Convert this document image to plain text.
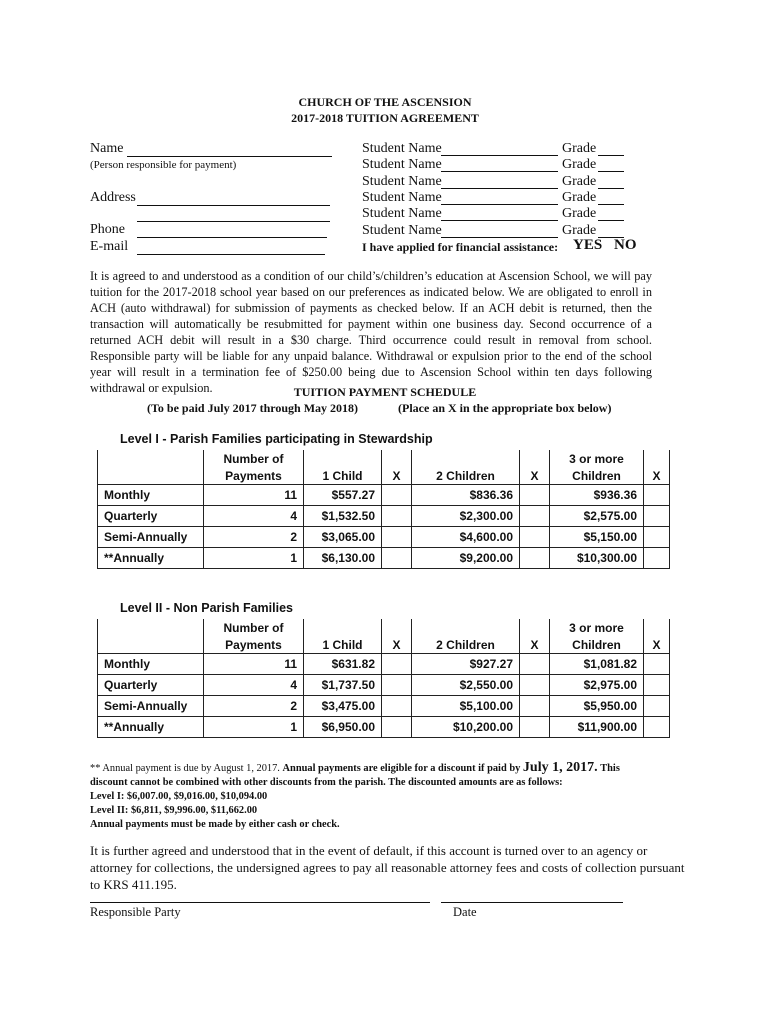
CHURCH OF THE ASCENSION
2017-2018 TUITION AGREEMENT
Name
(Person responsible for payment)
Address
Phone
E-mail
Student Name	Grade
Student Name	Grade
Student Name	Grade
Student Name	Grade
Student Name	Grade
Student Name	Grade
I have applied for financial assistance: YES NO
It is agreed to and understood as a condition of our child’s/children’s education at Ascension School, we will pay tuition for the 2017-2018 school year based on our preferences as indicated below. We are obligated to enroll in ACH (auto withdrawal) for submission of payments as checked below. If an ACH debit is returned, then the transaction will automatically be resubmitted for payment within one business day. Second occurrence of a returned ACH debit will result in a $30 charge. Third occurrence could result in removal from school. Responsible party will be liable for any unpaid balance. Withdrawal or expulsion prior to the end of the school year will result in a termination fee of $250.00 being due to Ascension School within ten days following withdrawal or expulsion.	TUITION PAYMENT SCHEDULE
(To be paid July 2017 through May 2018)	(Place an X in the appropriate box below)
Level I - Parish Families participating in Stewardship
	Number of					3 or more	
	Payments	1 Child	X	2 Children	X	Children	X
Monthly	11	$557.27		$836.36		$936.36	
Quarterly	4	$1,532.50		$2,300.00		$2,575.00	
Semi-Annually	2	$3,065.00		$4,600.00		$5,150.00	
**Annually	1	$6,130.00		$9,200.00		$10,300.00	
Level II - Non Parish Families
	Number of					3 or more	
	Payments	1 Child	X	2 Children	X	Children	X
Monthly	11	$631.82		$927.27		$1,081.82	
Quarterly	4	$1,737.50		$2,550.00		$2,975.00	
Semi-Annually	2	$3,475.00		$5,100.00		$5,950.00	
**Annually	1	$6,950.00		$10,200.00		$11,900.00	
** Annual payment is due by August 1, 2017. Annual payments are eligible for a discount if paid by July 1, 2017. This
discount cannot be combined with other discounts from the parish. The discounted amounts are as follows:
Level I: $6,007.00, $9,016.00, $10,094.00
Level II: $6,811, $9,996.00, $11,662.00
Annual payments must be made by either cash or check.
It is further agreed and understood that in the event of default, if this account is turned over to an agency or attorney for collections, the undersigned agrees to pay all reasonable attorney fees and costs of collection pursuant to KRS 411.195.
Responsible Party	Date
